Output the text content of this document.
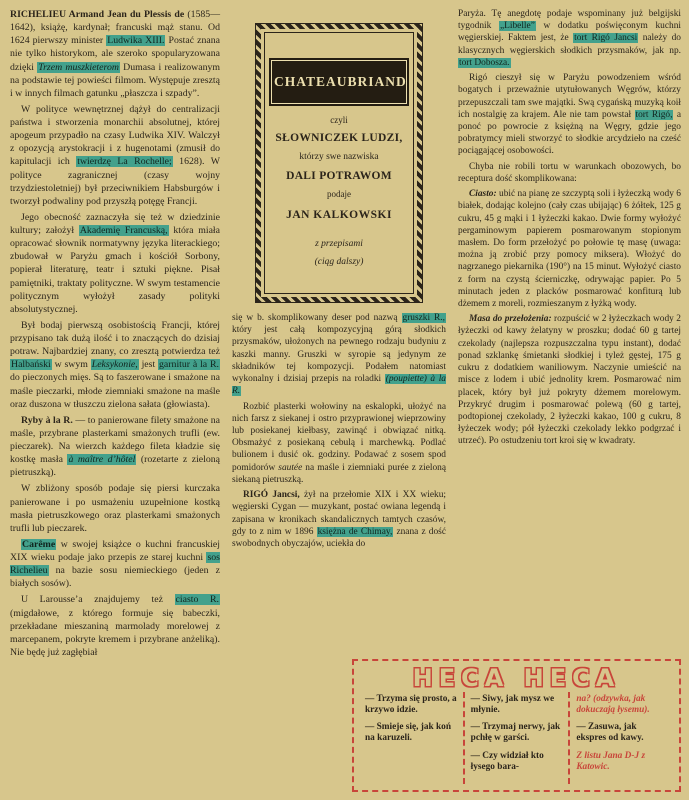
RICHELIEU Armand Jean du Plessis de (1585—1642), książę, kardynał; francuski mąż stanu. Od 1624 pierwszy minister Ludwika XIII. Postać znana nie tylko historykom, ale szeroko spopularyzowana dzięki Trzem muszkieterom Dumasa i realizowanym na podstawie tej powieści filmom. Występuje zresztą i w innych filmach gatunku „płaszcza i szpady”.

W polityce wewnętrznej dążył do centralizacji państwa i stworzenia monarchii absolutnej, której apogeum przypadło na czasy Ludwika XIV. Walczył z opozycją arystokracji i z hugenotami (zmusił do kapitulacji ich twierdzę La Rochelle; 1628). W polityce zagranicznej (czasy wojny trzydziestoletniej) był przeciwnikiem Habsburgów i tworzył podwaliny pod przyszłą potęgę Francji.

Jego obecność zaznaczyła się też w dziedzinie kultury; założył Akademię Francuską, która miała opracować słownik normatywny języka literackiego; zbudował w Paryżu gmach i kościół Sorbony, popierał literaturę, teatr i sztuki piękne. Pisał pamiętniki, traktaty polityczne. W swym testamencie politycznym wyłożył zasady polityki absolutystycznej.

Był bodaj pierwszą osobistością Francji, której przypisano tak dużą ilość i to znaczących do dzisiaj potraw. Najbardziej znany, co zresztą potwierdza też Halbański w swym Leksykonie, jest garnitur à la R. do pieczonych mięs. Są to faszerowane i smażone na maśle pieczarki, młode ziemniaki smażone na maśle oraz duszona w tłuszczu zielona sałata (głowiasta).

Ryby à la R. — to panierowane filety smażone na maśle, przybrane plasterkami smażonych trufli (ew. pieczarek). Na wierzch każdego fileta kładzie się kostkę masła à maître d’hôtel (rozetarte z zieloną pietruszką).

W zbliżony sposób podaje się piersi kurczaka panierowane i po usmażeniu uzupełnione kostką masła pietruszkowego oraz plasterkami smażonych trufli lub pieczarek.

Carême w swojej książce o kuchni francuskiej XIX wieku podaje jako przepis ze starej kuchni sos Richelieu na bazie sosu niemieckiego (jeden z białych sosów).

U Larousse’a znajdujemy też ciasto R. (migdałowe, z którego formuje się babeczki, przekładane mieszaniną marmolady morelowej z marcepanem, pokryte kremem i przybrane anżeliką). Nie będę już zagłębiał

CHATEAUBRIAND
czyli
SŁOWNICZEK LUDZI,
którzy swe nazwiska
DALI POTRAWOM
podaje
JAN KALKOWSKI
z przepisami
(ciąg dalszy)

się w b. skomplikowany deser pod nazwą gruszki R., który jest całą kompozycyjną górą słodkich przysmaków, ułożonych na pewnego rodzaju budyniu z kaszki manny. Gruszki w syropie są jedynym ze składników tej kompozycji. Podałem natomiast wykonalny i dzisiaj przepis na roladki (poupiette) à la R.

Rozbić plasterki wołowiny na eskalopki, ułożyć na nich farsz z siekanej i ostro przyprawionej wieprzowiny lub posiekanej kiełbasy, zawinąć i obwiązać nitką. Obsmażyć z posiekaną cebulą i marchewką. Podlać bulionem i dusić ok. godziny. Podawać z sosem spod pomidorów sautée na maśle i ziemniaki purée z zieloną siekaną pietruszką.

RIGÓ Jancsi, żył na przełomie XIX i XX wieku; węgierski Cygan — muzykant, postać owiana legendą i zapisana w kronikach skandalicznych tamtych czasów, gdy to z nim w 1896 księżna de Chimay, znana z dość swobodnych obyczajów, uciekła do

Paryża. Tę anegdotę podaje wspominany już belgijski tygodnik „Libelle” w dodatku poświęconym kuchni węgierskiej. Faktem jest, że tort Rigó Jancsi należy do klasycznych węgierskich słodkich przysmaków, jak np. tort Dobosza.

Rigó cieszył się w Paryżu powodzeniem wśród bogatych i przeważnie utytułowanych Węgrów, którzy przepuszczali tam swe majątki. Swą cygańską muzyką koił ich nostalgię za krajem. Ale nie tam powstał tort Rigó, a ponoć po powrocie z księżną na Węgry, gdzie jego pobratymcy mieli stworzyć to słodkie arcydzieło na cześć pociągającej osobowości.

Chyba nie robili tortu w warunkach obozowych, bo receptura dość skomplikowana:

Ciasto: ubić na pianę ze szczyptą soli i łyżeczką wody 6 białek, dodając kolejno (cały czas ubijając) 6 żółtek, 125 g cukru, 45 g mąki i 1 łyżeczki kakao. Dwie formy wyłożyć pergaminowym papierem posmarowanym stopionym masłem. Do form przełożyć po połowie tę masę (uwaga: można ją zrobić przy pomocy miksera). Włożyć do nagrzanego piekarnika (190°) na 15 minut. Wyłożyć ciasto z form na czystą ścierniczkę, odrywając papier. Po 5 minutach jeden z placków posmarować konfiturą lub dżemem z moreli, rozmieszanym z łyżką wody.

Masa do przełożenia: rozpuścić w 2 łyżeczkach wody 2 łyżeczki od kawy żelatyny w proszku; dodać 60 g tartej czekolady (najlepsza rozpuszczalna typu instant), dodać ponad szklankę śmietanki słodkiej i tyleż gęstej, 175 g cukru z dodatkiem waniliowym. Naczynie umieścić na misce z lodem i ubić jednolity krem. Posmarować nim placek, który był już pokryty dżemem morelowym. Przykryć drugim i posmarować polewą (60 g tartej, podtopionej czekolady, 2 łyżeczki kakao, 100 g cukru, 8 łyżeczek wody; pół łyżeczki czekolady lekko podgrzać i utrzeć). Po ostudzeniu tort kroi się w kwadraty.

HECA HECA

— Trzyma się prosto, a krzywo idzie.

— Smieje się, jak koń na karuzeli.

— Siwy, jak mysz we młynie.

— Trzymaj nerwy, jak pchłę w garści.

— Czy widział kto łysego bara-

na? (odzywka, jak dokuczają łysemu).

— Zasuwa, jak ekspres od kawy.

Z listu Jana D-J z Katowic.
